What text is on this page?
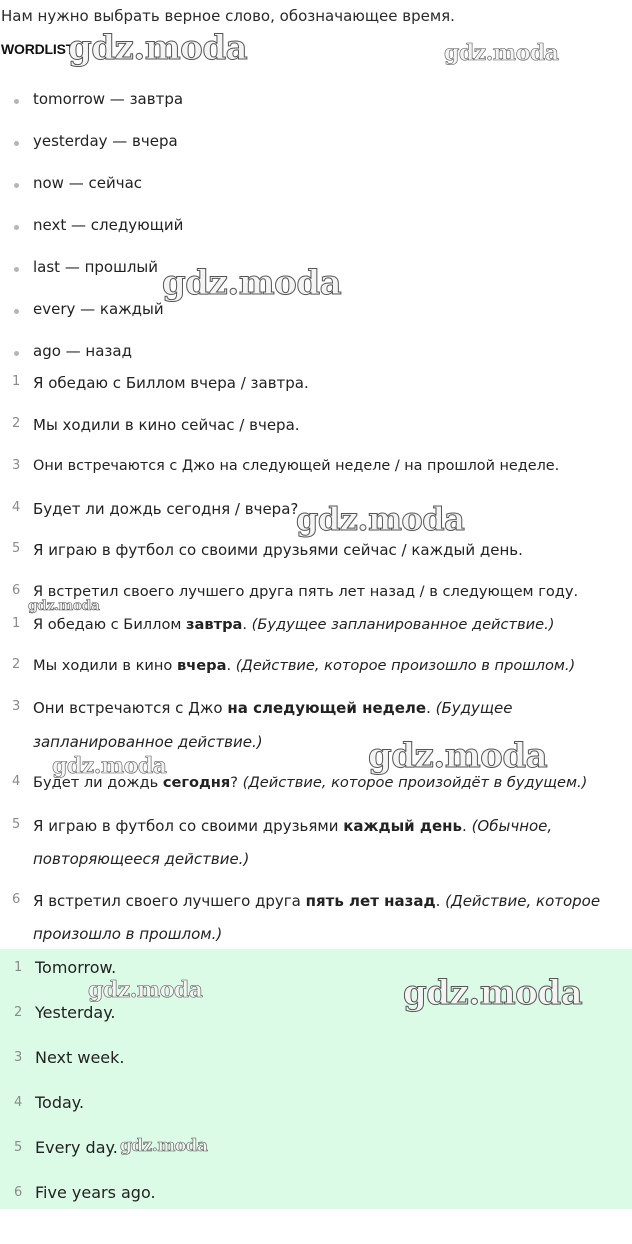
Нам нужно выбрать верное слово, обозначающее время.
WORDLIST
tomorrow — завтра
yesterday — вчера
now — сейчас
next — следующий
last — прошлый
every — каждый
ago — назад
1 Я обедаю с Биллом вчера / завтра.
2 Мы ходили в кино сейчас / вчера.
3 Они встречаются с Джо на следующей неделе / на прошлой неделе.
4 Будет ли дождь сегодня / вчера?
5 Я играю в футбол со своими друзьями сейчас / каждый день.
6 Я встретил своего лучшего друга пять лет назад / в следующем году.
1 Я обедаю с Биллом завтра. (Будущее запланированное действие.)
2 Мы ходили в кино вчера. (Действие, которое произошло в прошлом.)
3 Они встречаются с Джо на следующей неделе. (Будущее
запланированное действие.)
4 Будет ли дождь сегодня? (Действие, которое произойдёт в будущем.)
5 Я играю в футбол со своими друзьями каждый день. (Обычное,
повторяющееся действие.)
6 Я встретил своего лучшего друга пять лет назад. (Действие, которое
произошло в прошлом.)
1 Tomorrow.
2 Yesterday.
3 Next week.
4 Today.
5 Every day.
6 Five years ago.
gdz.moda	gdz.moda
gdz.moda
gdz.moda
gdz.moda
gdz.moda
gdz.moda
gdz.moda
gdz.moda
gdz.moda
